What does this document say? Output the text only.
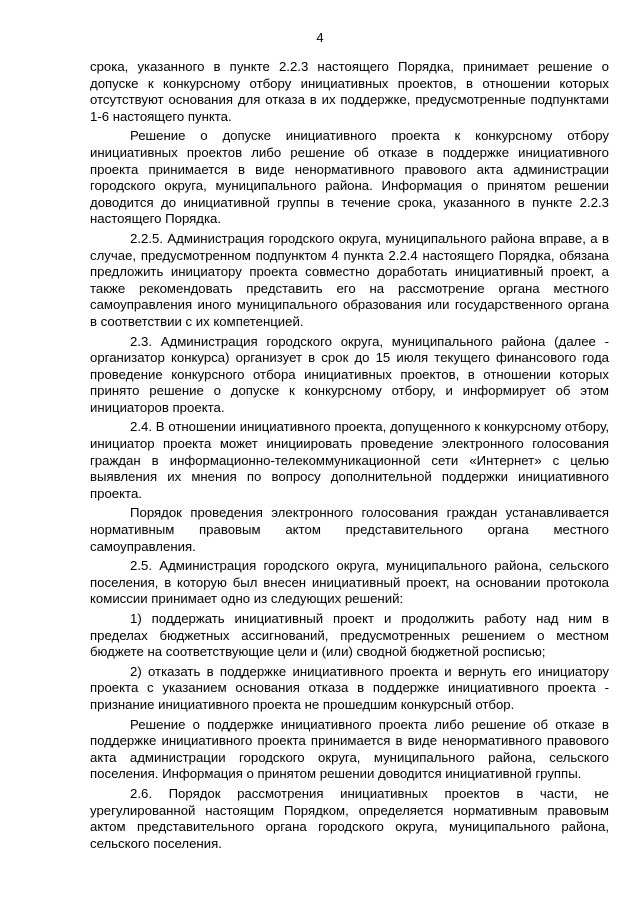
4

срока, указанного в пункте 2.2.3 настоящего Порядка, принимает решение о допуске к конкурсному отбору инициативных проектов, в отношении которых отсутствуют основания для отказа в их поддержке, предусмотренные подпунктами 1-6 настоящего пункта.

Решение о допуске инициативного проекта к конкурсному отбору инициативных проектов либо решение об отказе в поддержке инициативного проекта принимается в виде ненормативного правового акта администрации городского округа, муниципального района. Информация о принятом решении доводится до инициативной группы в течение срока, указанного в пункте 2.2.3 настоящего Порядка.

2.2.5. Администрация городского округа, муниципального района вправе, а в случае, предусмотренном подпунктом 4 пункта 2.2.4 настоящего Порядка, обязана предложить инициатору проекта совместно доработать инициативный проект, а также рекомендовать представить его на рассмотрение органа местного самоуправления иного муниципального образования или государственного органа в соответствии с их компетенцией.

2.3. Администрация городского округа, муниципального района (далее - организатор конкурса) организует в срок до 15 июля текущего финансового года проведение конкурсного отбора инициативных проектов, в отношении которых принято решение о допуске к конкурсному отбору, и информирует об этом инициаторов проекта.

2.4. В отношении инициативного проекта, допущенного к конкурсному отбору, инициатор проекта может инициировать проведение электронного голосования граждан в информационно-телекоммуникационной сети «Интернет» с целью выявления их мнения по вопросу дополнительной поддержки инициативного проекта.

Порядок проведения электронного голосования граждан устанавливается нормативным правовым актом представительного органа местного самоуправления.

2.5. Администрация городского округа, муниципального района, сельского поселения, в которую был внесен инициативный проект, на основании протокола комиссии принимает одно из следующих решений:

1) поддержать инициативный проект и продолжить работу над ним в пределах бюджетных ассигнований, предусмотренных решением о местном бюджете на соответствующие цели и (или) сводной бюджетной росписью;

2) отказать в поддержке инициативного проекта и вернуть его инициатору проекта с указанием основания отказа в поддержке инициативного проекта - признание инициативного проекта не прошедшим конкурсный отбор.

Решение о поддержке инициативного проекта либо решение об отказе в поддержке инициативного проекта принимается в виде ненормативного правового акта администрации городского округа, муниципального района, сельского поселения. Информация о принятом решении доводится инициативной группы.

2.6. Порядок рассмотрения инициативных проектов в части, не урегулированной настоящим Порядком, определяется нормативным правовым актом представительного органа городского округа, муниципального района, сельского поселения.
